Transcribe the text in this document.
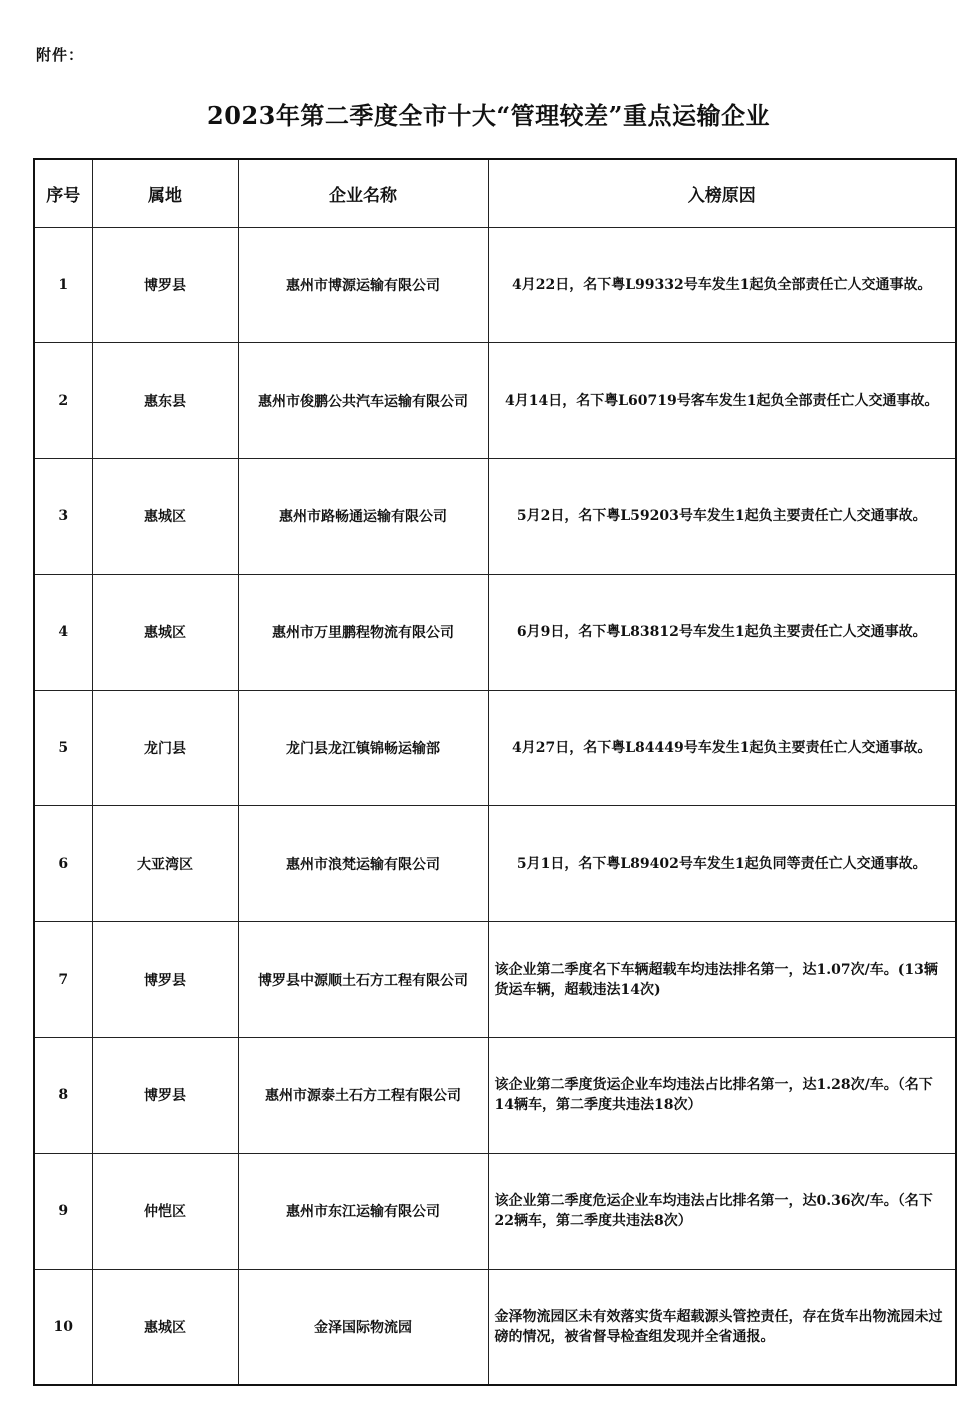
附件：
2023年第二季度全市十大“管理较差”重点运输企业
序号	属地	企业名称	入榜原因
1	博罗县	惠州市博源运输有限公司	4月22日，名下粤L99332号车发生1起负全部责任亡人交通事故。
2	惠东县	惠州市俊鹏公共汽车运输有限公司	4月14日，名下粤L60719号客车发生1起负全部责任亡人交通事故。
3	惠城区	惠州市路畅通运输有限公司	5月2日，名下粤L59203号车发生1起负主要责任亡人交通事故。
4	惠城区	惠州市万里鹏程物流有限公司	6月9日，名下粤L83812号车发生1起负主要责任亡人交通事故。
5	龙门县	龙门县龙江镇锦畅运输部	4月27日，名下粤L84449号车发生1起负主要责任亡人交通事故。
6	大亚湾区	惠州市浪梵运输有限公司	5月1日，名下粤L89402号车发生1起负同等责任亡人交通事故。
7	博罗县	博罗县中源顺土石方工程有限公司	该企业第二季度名下车辆超载车均违法排名第一，达1.07次/车。(13辆货运车辆，超载违法14次)
8	博罗县	惠州市源泰土石方工程有限公司	该企业第二季度货运企业车均违法占比排名第一，达1.28次/车。（名下14辆车，第二季度共违法18次）
9	仲恺区	惠州市东江运输有限公司	该企业第二季度危运企业车均违法占比排名第一，达0.36次/车。（名下22辆车，第二季度共违法8次）
10	惠城区	金泽国际物流园	金泽物流园区未有效落实货车超载源头管控责任，存在货车出物流园未过磅的情况，被省督导检查组发现并全省通报。
